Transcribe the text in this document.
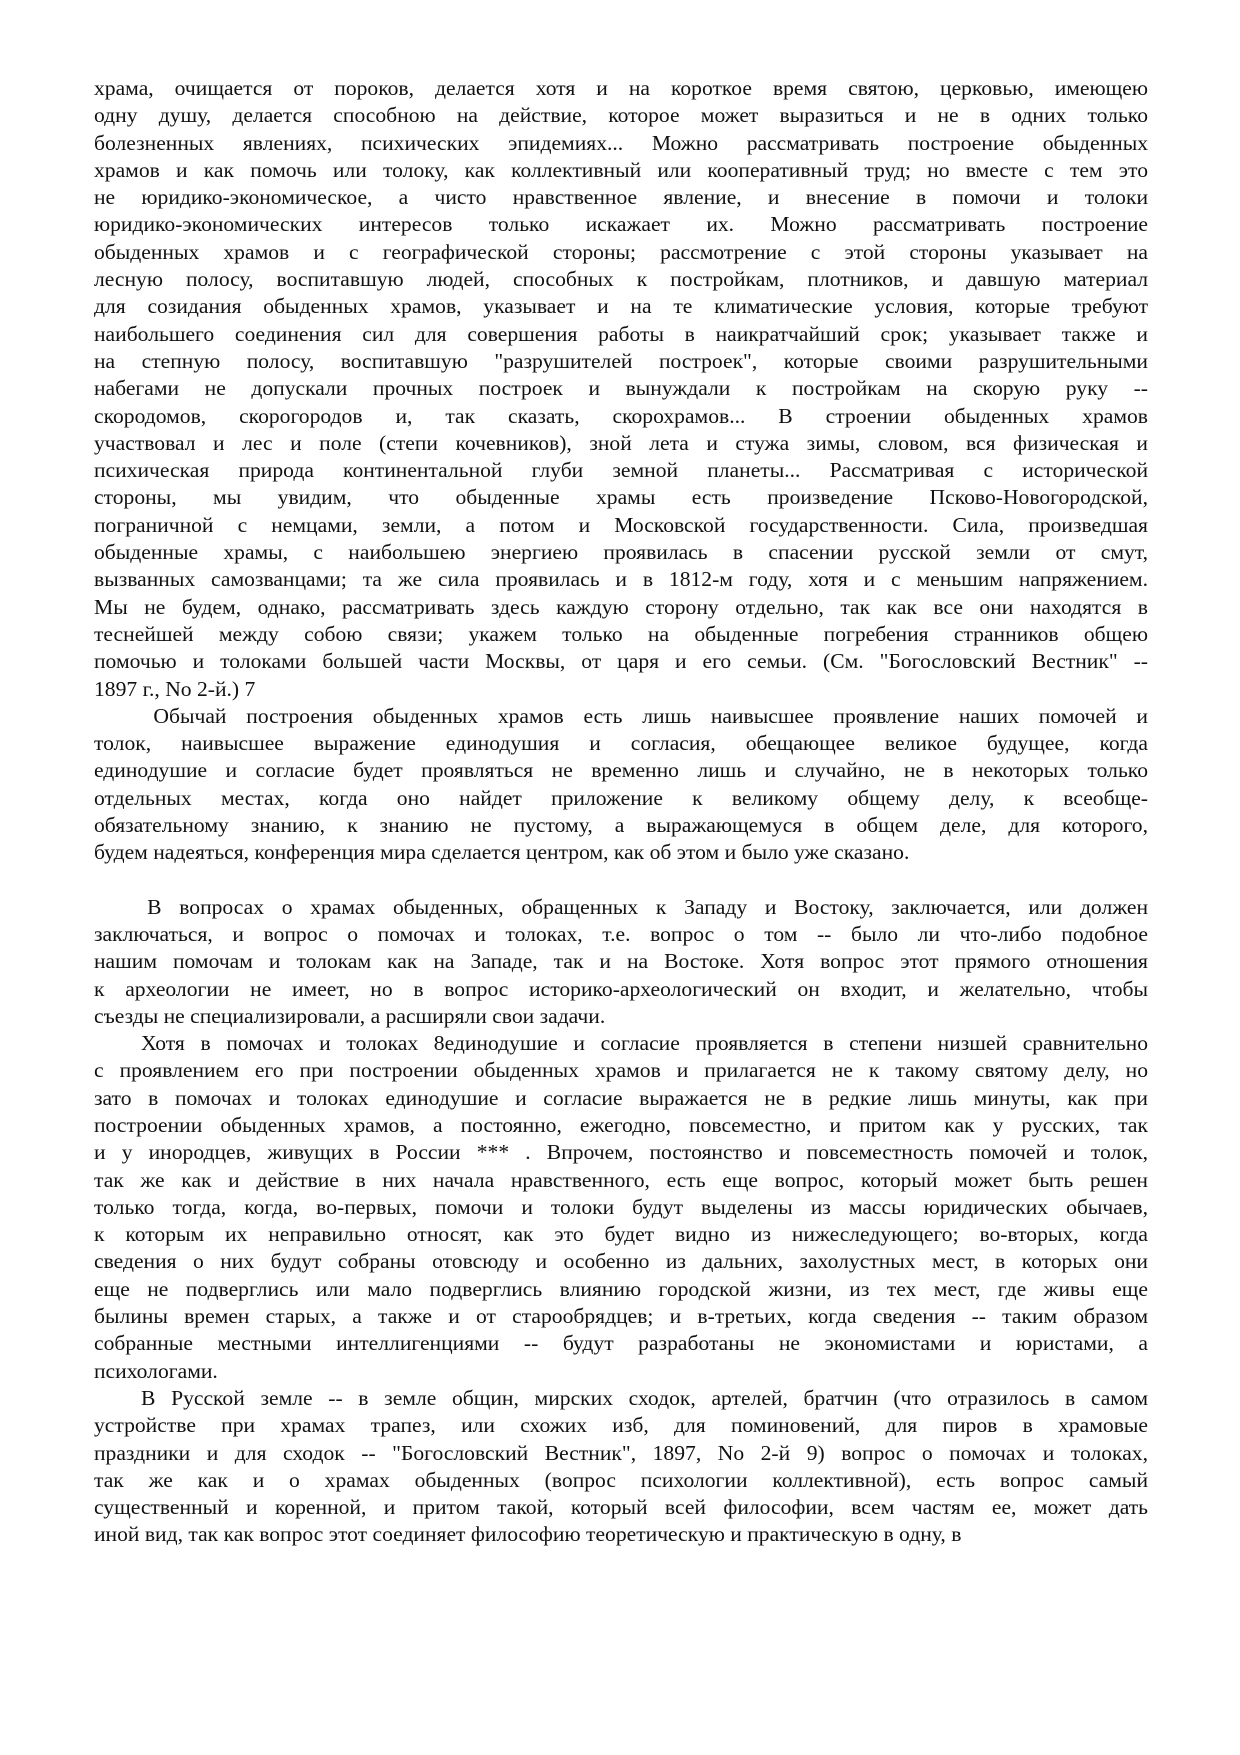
храма, очищается от пороков, делается хотя и на короткое время святою, церковью, имеющею
одну душу, делается способною на действие, которое может выразиться и не в одних только
болезненных явлениях, психических эпидемиях... Можно рассматривать построение обыденных
храмов и как помочь или толоку, как коллективный или кооперативный труд; но вместе с тем это
не юридико-экономическое, а чисто нравственное явление, и внесение в помочи и толоки
юридико-экономических интересов только искажает их. Можно рассматривать построение
обыденных храмов и с географической стороны; рассмотрение с этой стороны указывает на
лесную полосу, воспитавшую людей, способных к постройкам, плотников, и давшую материал
для созидания обыденных храмов, указывает и на те климатические условия, которые требуют
наибольшего соединения сил для совершения работы в наикратчайший срок; указывает также и
на степную полосу, воспитавшую "разрушителей построек", которые своими разрушительными
набегами не допускали прочных построек и вынуждали к постройкам на скорую руку --
скородомов, скорогородов и, так сказать, скорохрамов... В строении обыденных храмов
участвовал и лес и поле (степи кочевников), зной лета и стужа зимы, словом, вся физическая и
психическая природа континентальной глуби земной планеты... Рассматривая с исторической
стороны, мы увидим, что обыденные храмы есть произведение Псково-Новогородской,
пограничной с немцами, земли, а потом и Московской государственности. Сила, произведшая
обыденные храмы, с наибольшею энергиею проявилась в спасении русской земли от смут,
вызванных самозванцами; та же сила проявилась и в 1812-м году, хотя и с меньшим напряжением.
Мы не будем, однако, рассматривать здесь каждую сторону отдельно, так как все они находятся в
теснейшей между собою связи; укажем только на обыденные погребения странников общею
помочью и толоками большей части Москвы, от царя и его семьи. (См. "Богословский Вестник" --
1897 г., No 2-й.) 7
Обычай построения обыденных храмов есть лишь наивысшее проявление наших помочей и
толок, наивысшее выражение единодушия и согласия, обещающее великое будущее, когда
единодушие и согласие будет проявляться не временно лишь и случайно, не в некоторых только
отдельных местах, когда оно найдет приложение к великому общему делу, к всеобще-
обязательному знанию, к знанию не пустому, а выражающемуся в общем деле, для которого,
будем надеяться, конференция мира сделается центром, как об этом и было уже сказано.
В вопросах о храмах обыденных, обращенных к Западу и Востоку, заключается, или должен
заключаться, и вопрос о помочах и толоках, т.е. вопрос о том -- было ли что-либо подобное
нашим помочам и толокам как на Западе, так и на Востоке. Хотя вопрос этот прямого отношения
к археологии не имеет, но в вопрос историко-археологический он входит, и желательно, чтобы
съезды не специализировали, а расширяли свои задачи.
Хотя в помочах и толоках 8единодушие и согласие проявляется в степени низшей сравнительно
с проявлением его при построении обыденных храмов и прилагается не к такому святому делу, но
зато в помочах и толоках единодушие и согласие выражается не в редкие лишь минуты, как при
построении обыденных храмов, а постоянно, ежегодно, повсеместно, и притом как у русских, так
и у инородцев, живущих в России *** . Впрочем, постоянство и повсеместность помочей и толок,
так же как и действие в них начала нравственного, есть еще вопрос, который может быть решен
только тогда, когда, во-первых, помочи и толоки будут выделены из массы юридических обычаев,
к которым их неправильно относят, как это будет видно из нижеследующего; во-вторых, когда
сведения о них будут собраны отовсюду и особенно из дальних, захолустных мест, в которых они
еще не подверглись или мало подверглись влиянию городской жизни, из тех мест, где живы еще
былины времен старых, а также и от старообрядцев; и в-третьих, когда сведения -- таким образом
собранные местными интеллигенциями -- будут разработаны не экономистами и юристами, а
психологами.
В Русской земле -- в земле общин, мирских сходок, артелей, братчин (что отразилось в самом
устройстве при храмах трапез, или схожих изб, для поминовений, для пиров в храмовые
праздники и для сходок -- "Богословский Вестник", 1897, No 2-й 9) вопрос о помочах и толоках,
так же как и о храмах обыденных (вопрос психологии коллективной), есть вопрос самый
существенный и коренной, и притом такой, который всей философии, всем частям ее, может дать
иной вид, так как вопрос этот соединяет философию теоретическую и практическую в одну, в
